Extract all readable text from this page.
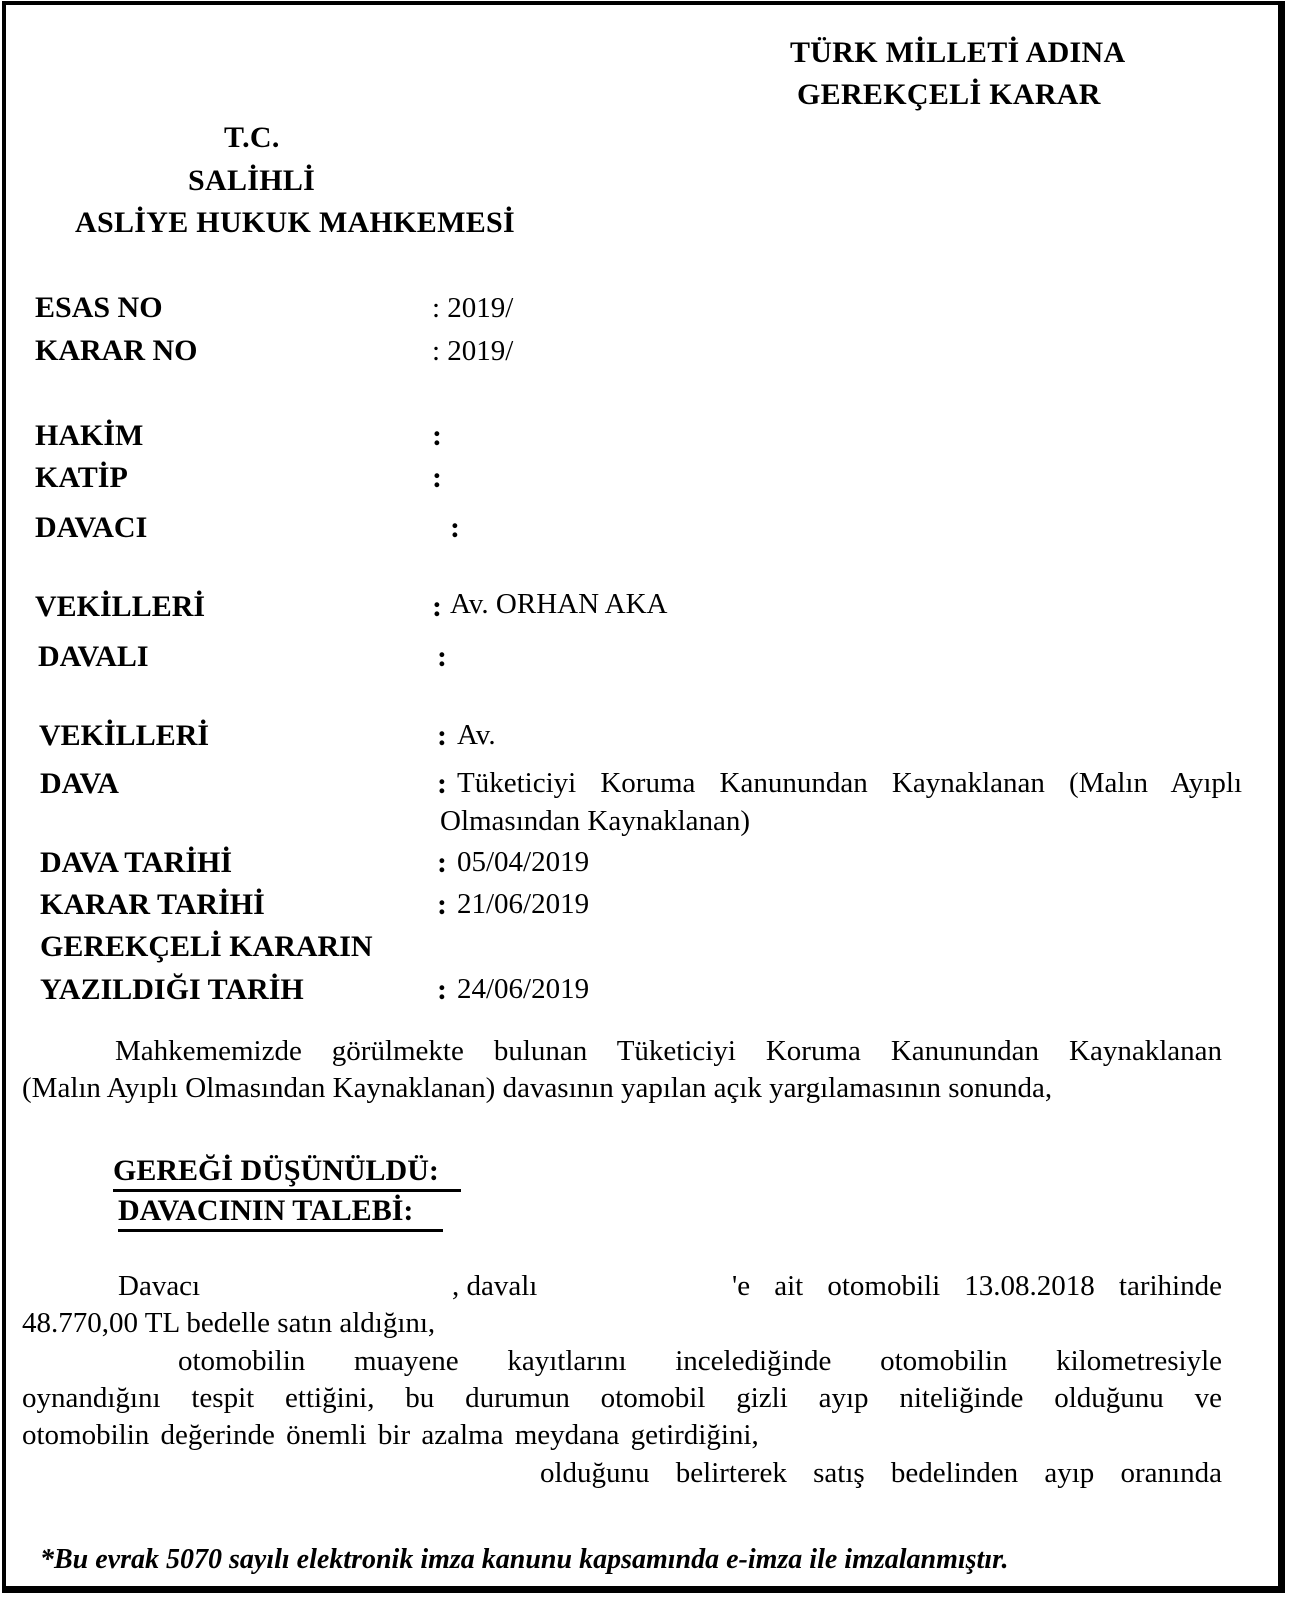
TÜRK MİLLETİ ADINA
GEREKÇELİ KARAR
T.C.
SALİHLİ
ASLİYE HUKUK MAHKEMESİ
ESAS NO	: 2019/
KARAR NO	: 2019/
HAKİM	:
KATİP	:
DAVACI	:
VEKİLLERİ	: Av. ORHAN AKA
DAVALI	:
VEKİLLERİ	: Av.
DAVA	: Tüketiciyi Koruma Kanunundan Kaynaklanan (Malın Ayıplı
Olmasından Kaynaklanan)
DAVA TARİHİ	: 05/04/2019
KARAR TARİHİ	: 21/06/2019
GEREKÇELİ KARARIN
YAZILDIĞI TARİH	: 24/06/2019
Mahkememizde görülmekte bulunan Tüketiciyi Koruma Kanunundan Kaynaklanan
(Malın Ayıplı Olmasından Kaynaklanan) davasının yapılan açık yargılamasının sonunda,
GEREĞİ DÜŞÜNÜLDÜ:
DAVACININ TALEBİ:
Davacı	, davalı	'e ait otomobili 13.08.2018 tarihinde
48.770,00 TL bedelle satın aldığını,
otomobilin muayene kayıtlarını incelediğinde otomobilin kilometresiyle
oynandığını tespit ettiğini, bu durumun otomobil gizli ayıp niteliğinde olduğunu ve
otomobilin değerinde önemli bir azalma meydana getirdiğini,
olduğunu belirterek satış bedelinden ayıp oranında
*Bu evrak 5070 sayılı elektronik imza kanunu kapsamında e-imza ile imzalanmıştır.
